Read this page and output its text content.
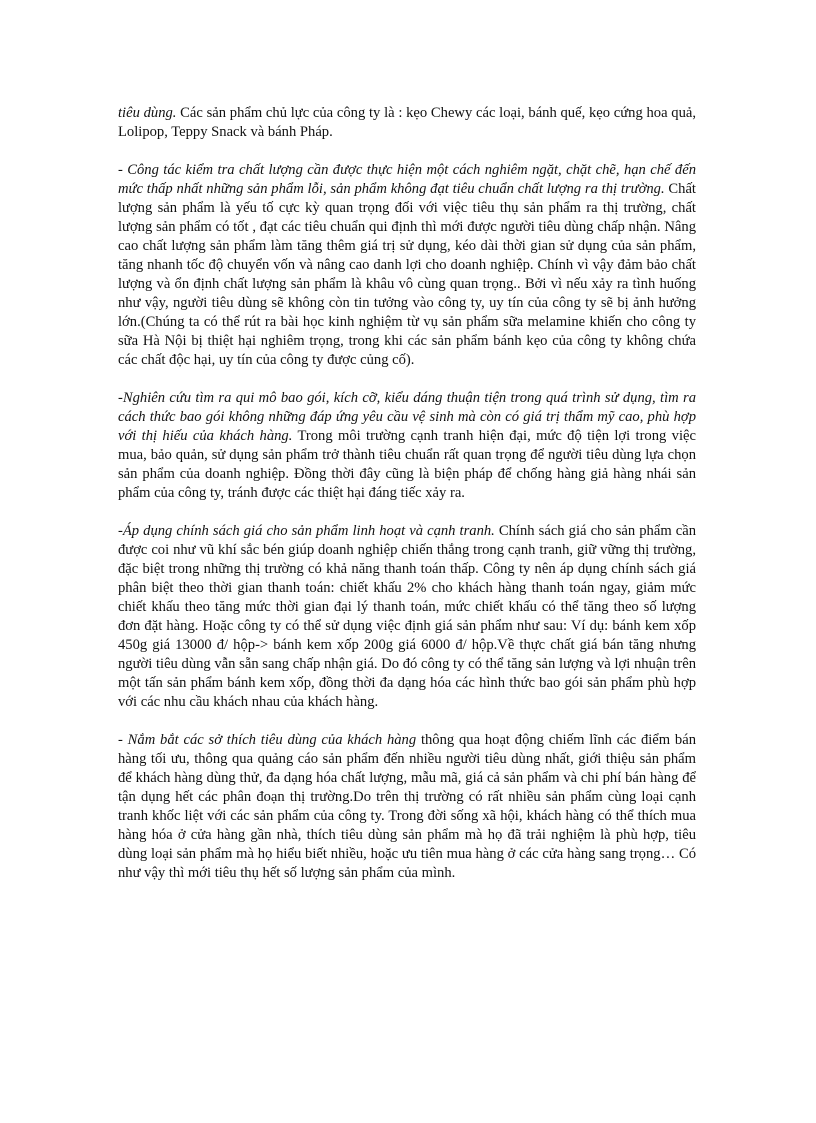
tiêu dùng. Các sản phẩm chủ lực của công ty là : kẹo Chewy các loại, bánh quế, kẹo cứng hoa quả, Lolipop, Teppy Snack và bánh Pháp.

- Công tác kiểm tra chất lượng cần được thực hiện một cách nghiêm ngặt, chặt chẽ, hạn chế đến mức thấp nhất những sản phẩm lỗi, sản phẩm không đạt tiêu chuẩn chất lượng ra thị trường. Chất lượng sản phẩm là yếu tố cực kỳ quan trọng đối với việc tiêu thụ sản phẩm ra thị trường, chất lượng sản phẩm có tốt , đạt các tiêu chuẩn qui định thì mới được người tiêu dùng chấp nhận. Nâng cao chất lượng sản phẩm làm tăng thêm giá trị sử dụng, kéo dài thời gian sử dụng của sản phẩm, tăng nhanh tốc độ chuyển vốn và nâng cao danh lợi cho doanh nghiệp. Chính vì vậy đảm bảo chất lượng và ổn định chất lượng sản phẩm là khâu vô cùng quan trọng.. Bởi vì nếu xảy ra tình huống như vậy, người tiêu dùng sẽ không còn tin tưởng vào công ty, uy tín của công ty sẽ bị ảnh hưởng lớn.(Chúng ta có thể rút ra bài học kinh nghiệm từ vụ sản phẩm sữa melamine khiến cho công ty sữa Hà Nội bị thiệt hại nghiêm trọng, trong khi các sản phẩm bánh kẹo của công ty không chứa các chất độc hại, uy tín của công ty được củng cố).

-Nghiên cứu tìm ra qui mô bao gói, kích cỡ, kiểu dáng thuận tiện trong quá trình sử dụng, tìm ra cách thức bao gói không những đáp ứng yêu cầu vệ sinh mà còn có giá trị thẩm mỹ cao, phù hợp với thị hiếu của khách hàng. Trong môi trường cạnh tranh hiện đại, mức độ tiện lợi trong việc mua, bảo quản, sử dụng sản phẩm trở thành tiêu chuẩn rất quan trọng để người tiêu dùng lựa chọn sản phẩm của doanh nghiệp. Đồng thời đây cũng là biện pháp để chống hàng giả hàng nhái sản phẩm của công ty, tránh được các thiệt hại đáng tiếc xảy ra.

-Áp dụng chính sách giá cho sản phẩm linh hoạt và cạnh tranh. Chính sách giá cho sản phẩm cần được coi như vũ khí sắc bén giúp doanh nghiệp chiến thắng trong cạnh tranh, giữ vững thị trường, đặc biệt trong những thị trường có khả năng thanh toán thấp. Công ty nên áp dụng chính sách giá phân biệt theo thời gian thanh toán: chiết khấu 2% cho khách hàng thanh toán ngay, giảm mức chiết khấu theo tăng mức thời gian đại lý thanh toán, mức chiết khấu có thể tăng theo số lượng đơn đặt hàng. Hoặc công ty có thể sử dụng việc định giá sản phẩm như sau: Ví dụ: bánh kem xốp 450g giá 13000 đ/ hộp-> bánh kem xốp 200g giá 6000 đ/ hộp.Về thực chất giá bán tăng nhưng người tiêu dùng vẫn sẵn sang chấp nhận giá. Do đó công ty có thể tăng sản lượng và lợi nhuận trên một tấn sản phẩm bánh kem xốp, đồng thời đa dạng hóa các hình thức bao gói sản phẩm phù hợp với các nhu cầu khách nhau của khách hàng.

- Nắm bắt các sở thích tiêu dùng của khách hàng thông qua hoạt động chiếm lĩnh các điểm bán hàng tối ưu, thông qua quảng cáo sản phẩm đến nhiều người tiêu dùng nhất, giới thiệu sản phẩm để khách hàng dùng thử, đa dạng hóa chất lượng, mẫu mã, giá cả sản phẩm và chi phí bán hàng để tận dụng hết các phân đoạn thị trường.Do trên thị trường có rất nhiều sản phẩm cùng loại cạnh tranh khốc liệt với các sản phẩm của công ty. Trong đời sống xã hội, khách hàng có thể thích mua hàng hóa ở cửa hàng gần nhà, thích tiêu dùng sản phẩm mà họ đã trải nghiệm là phù hợp, tiêu dùng loại sản phẩm mà họ hiểu biết nhiều, hoặc ưu tiên mua hàng ở các cửa hàng sang trọng… Có như vậy thì mới tiêu thụ hết số lượng sản phẩm của mình.
